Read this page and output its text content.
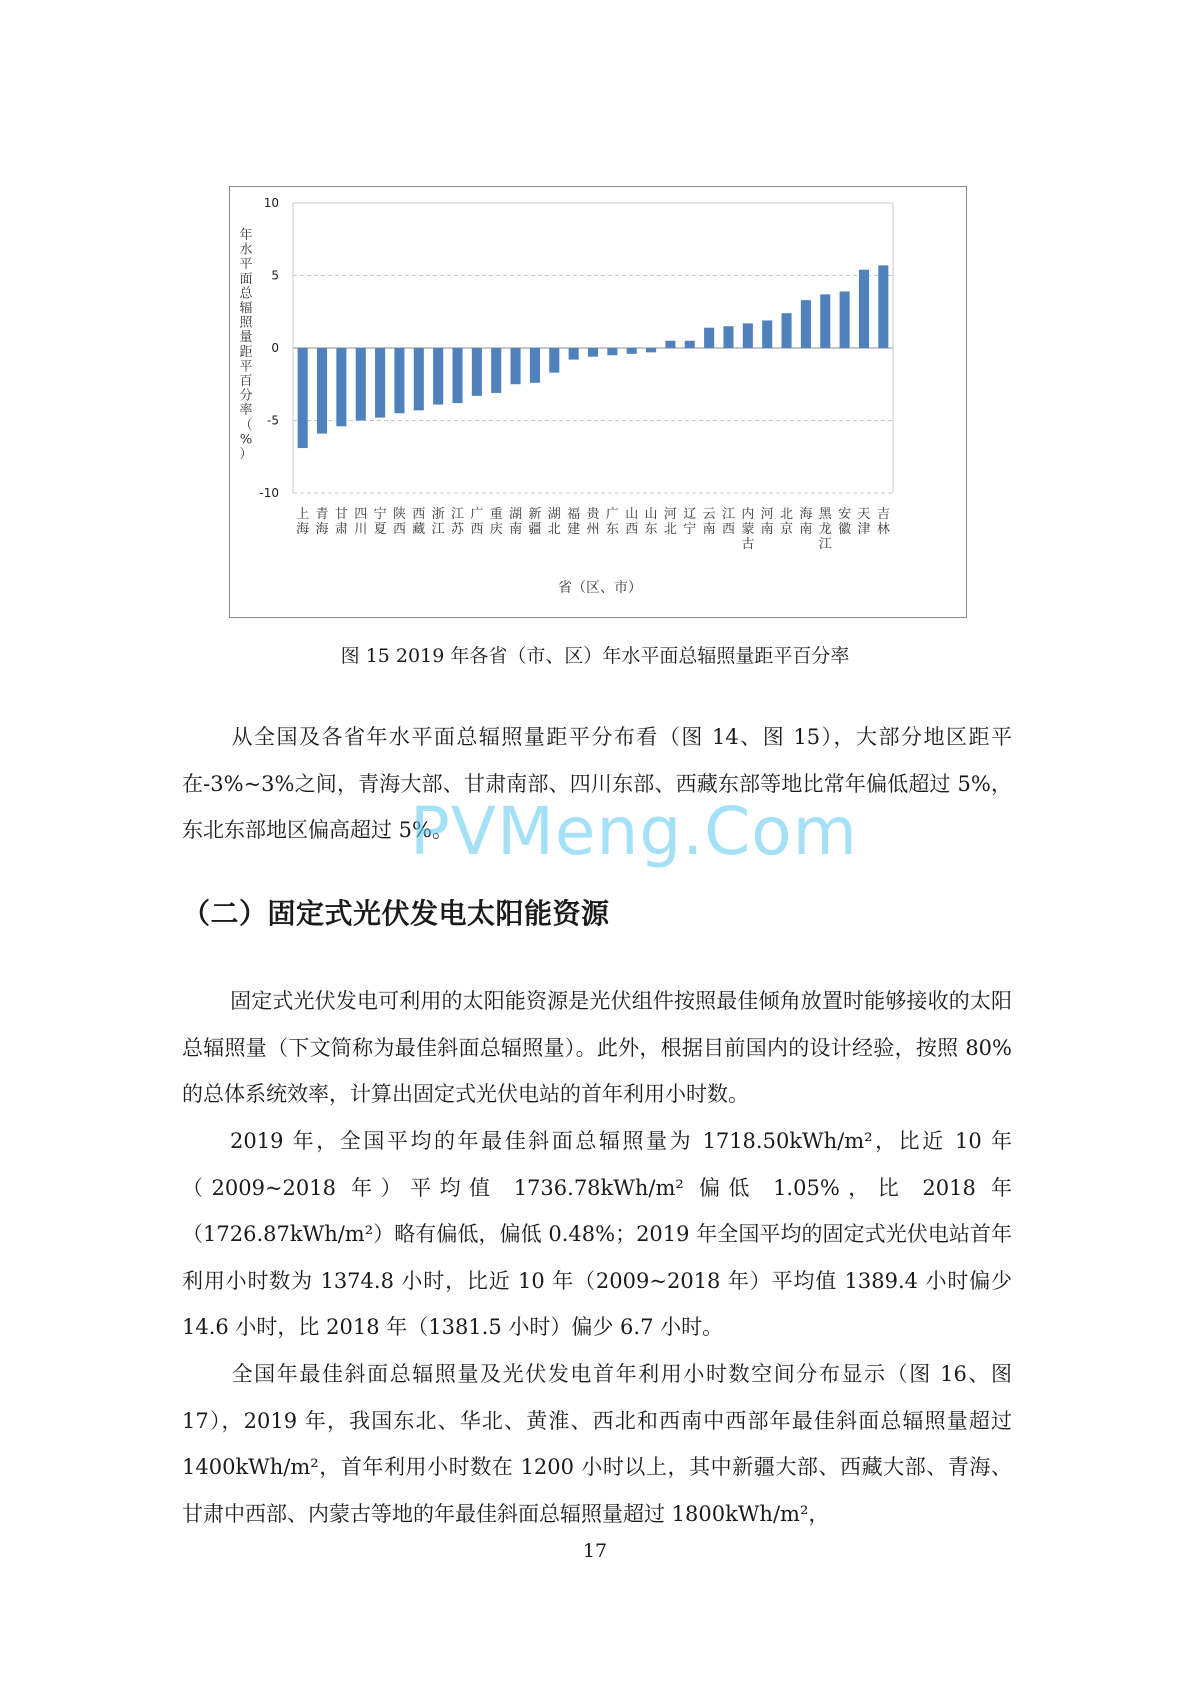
10
5
0
-5
-10
上海
青海
甘肃
四川
宁夏
陕西
西藏
浙江
江苏
广西
重庆
湖南
新疆
湖北
福建
贵州
广东
山西
山东
河北
辽宁
云南
江西
内蒙古
河南
北京
海南
黑龙江
安徽
天津
吉林
年水平面总辐照量距平百分率（%）
省（区、市）
图 15 2019 年各省（市、区）年水平面总辐照量距平百分率

从全国及各省年水平面总辐照量距平分布看（图 14、图 15），大部分地区距平在-3%~3%之间，青海大部、甘肃南部、四川东部、西藏东部等地比常年偏低超过 5%，东北东部地区偏高超过 5%。

PVMeng.Com
（二）固定式光伏发电太阳能资源

固定式光伏发电可利用的太阳能资源是光伏组件按照最佳倾角放置时能够接收的太阳总辐照量（下文简称为最佳斜面总辐照量）。此外，根据目前国内的设计经验，按照 80%的总体系统效率，计算出固定式光伏电站的首年利用小时数。

2019 年，全国平均的年最佳斜面总辐照量为 1718.50kWh/m²，比近 10 年（2009~2018 年）平均值 1736.78kWh/m² 偏低 1.05%，比 2018 年（1726.87kWh/m²）略有偏低，偏低 0.48%；2019 年全国平均的固定式光伏电站首年利用小时数为 1374.8 小时，比近 10 年（2009~2018 年）平均值 1389.4 小时偏少 14.6 小时，比 2018 年（1381.5 小时）偏少 6.7 小时。

全国年最佳斜面总辐照量及光伏发电首年利用小时数空间分布显示（图 16、图 17），2019 年，我国东北、华北、黄淮、西北和西南中西部年最佳斜面总辐照量超过 1400kWh/m²，首年利用小时数在 1200 小时以上，其中新疆大部、西藏大部、青海、甘肃中西部、内蒙古等地的年最佳斜面总辐照量超过 1800kWh/m²，

17
